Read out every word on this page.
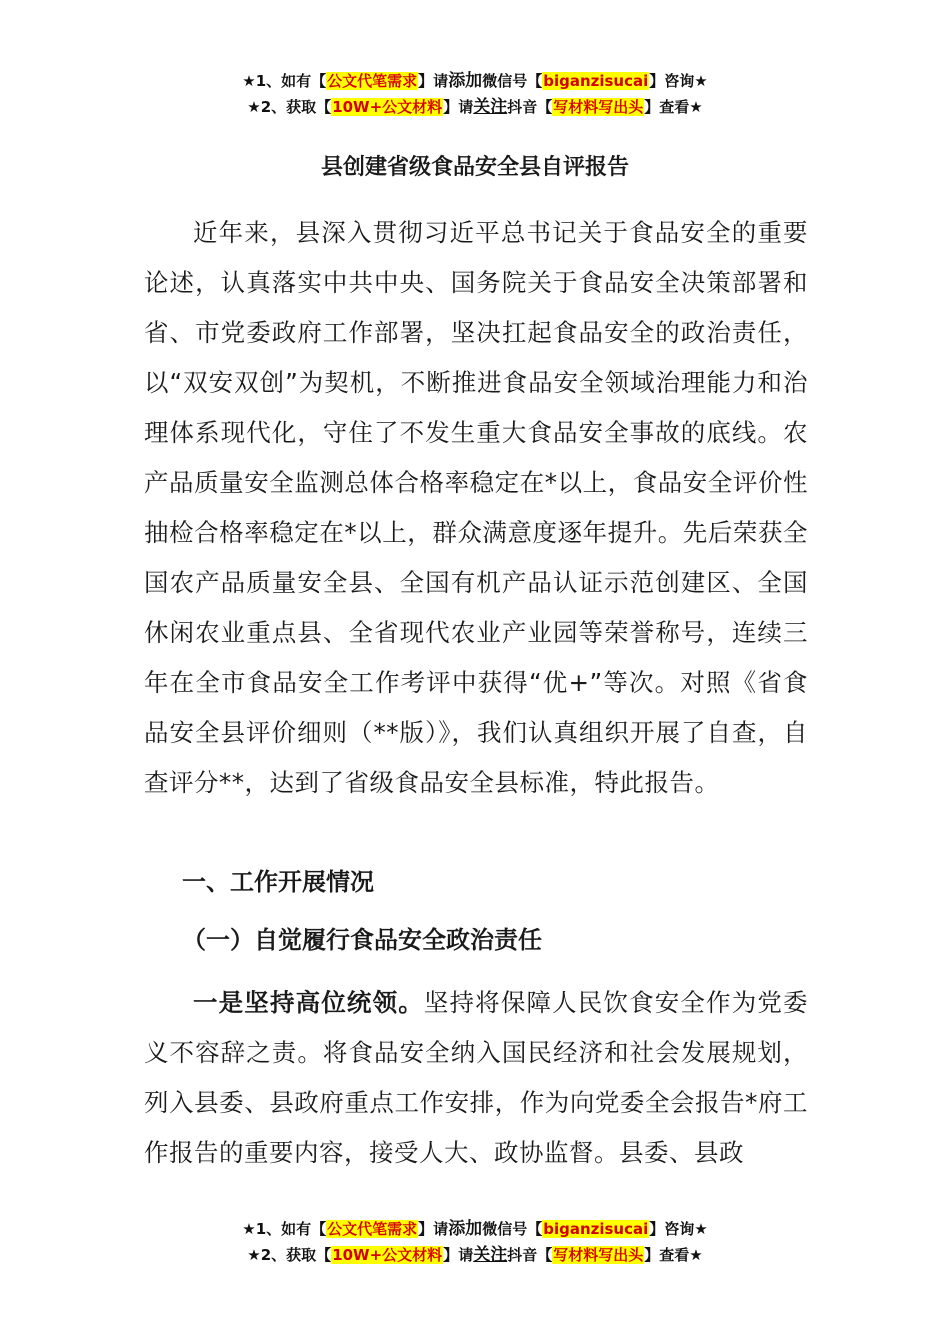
★1、如有【公文代笔需求】请添加微信号【biganzisucai】咨询★
★2、获取【10W+公文材料】请关注抖音【写材料写出头】查看★
县创建省级食品安全县自评报告

近年来，县深入贯彻习近平总书记关于食品安全的重要论述，认真落实中共中央、国务院关于食品安全决策部署和省、市党委政府工作部署，坚决扛起食品安全的政治责任，以“双安双创”为契机，不断推进食品安全领域治理能力和治理体系现代化，守住了不发生重大食品安全事故的底线。农产品质量安全监测总体合格率稳定在*以上，食品安全评价性抽检合格率稳定在*以上，群众满意度逐年提升。先后荣获全国农产品质量安全县、全国有机产品认证示范创建区、全国休闲农业重点县、全省现代农业产业园等荣誉称号，连续三年在全市食品安全工作考评中获得“优+”等次。对照《省食品安全县评价细则（**版）》，我们认真组织开展了自查，自查评分**，达到了省级食品安全县标准，特此报告。

一、工作开展情况
（一）自觉履行食品安全政治责任

一是坚持高位统领。坚持将保障人民饮食安全作为党委义不容辞之责。将食品安全纳入国民经济和社会发展规划，列入县委、县政府重点工作安排，作为向党委全会报告*府工作报告的重要内容，接受人大、政协监督。县委、县政

★1、如有【公文代笔需求】请添加微信号【biganzisucai】咨询★
★2、获取【10W+公文材料】请关注抖音【写材料写出头】查看★
